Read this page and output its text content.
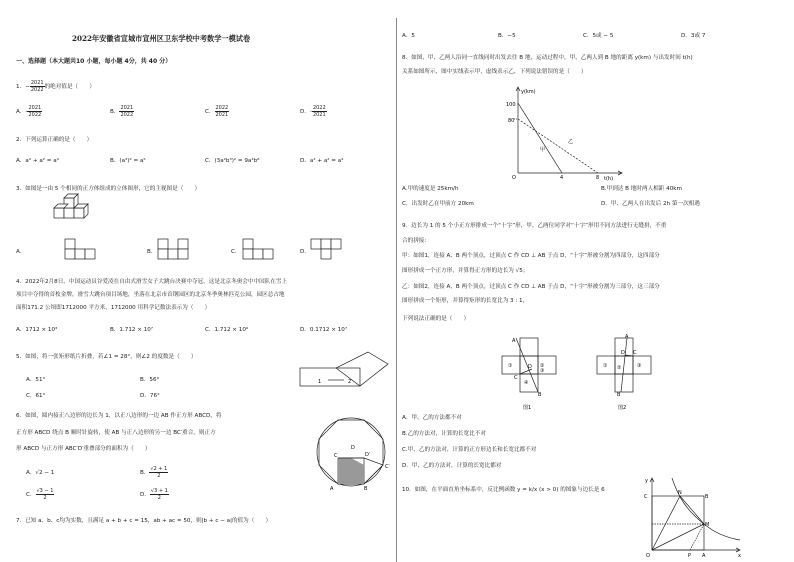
2022年安徽省宣城市宣州区卫东学校中考数学一模试卷
一、选择题（本大题共10 小题，每小题 4分，共 40 分）
1．− $\frac{2021}{2022}$ 的绝对值是（　　）
A．- $\frac{2021}{2022}$	B． $\frac{2021}{2022}$	C． $\frac{2022}{2021}$	D．- $\frac{2022}{2021}$
2．下列运算正确的是（　　）
A．a² + a² = a⁴	B．(a³)² = a⁵	C．(3a²b³)² = 9a⁴b⁶	D．a² + a² = a⁴
3．如图是一由 5 个相同的正方体组成的立体图形，它的主视图是（　　）
A．	B．	C．	D．
4．2022年2月8日，中国运动员谷爱凌在自由式滑雪女子大跳台决赛中夺冠，这是北京冬奥会中中国队在雪上
项目中夺得的首枚金牌，滑雪大跳台项目场地，坐落在北京市首钢园区的北京冬季奥林匹克公园，园区总占地
面积171.2 公顷即1712000 平方米，1712000 用科学记数法表示为（　　）
A．1712 × 10³	B．1.712 × 10⁷	C．1.712 × 10⁶	D．0.1712 × 10⁷
5．如图，将一张矩形纸片折叠，若∠1 = 28°，则∠2 的度数是（　　）
1	2
A．51°	B．56°
C．61°	D．76°
6．如图，圆内接正八边形的边长为 1，以正八边形的一边 AB 作正方形 ABCD，将
正方形 ABCD 绕点 B 顺时针旋转，使 AB 与正八边形的另一边 BC′重合，则正方
形 ABCD 与正方形 ABC′D′重叠部分的面积为（　　）	D
A	B
C
C′
D′
A．√2 − 1	B． $\frac{√2 + 1}{2}$
C． $\frac{√3 - 1}{2}$	D． $\frac{√3 + 1}{2}$
7．已知 a、b、c均为实数，且满足 a + b + c = 15，ab + ac = 50，则|b + c − a|的值为（　　）
A．5	B．−5	C．5或 − 5	D．3或 7
8．如图，甲、乙两人沿同一直线同时出发去往 B 地，运动过程中，甲、乙两人到 B 地的距离 y(km) 与出发时间 t(h)
关系如图所示，图中实线表示甲，虚线表示乙，下列说法错误的是（　　）
y(km)
t(h)
100
80
O	4	8
甲
乙
A.甲的速度是 25km/h	B.甲到达 B 地时两人相距 40km
C．出发时乙在甲前方 20km	D．甲、乙两人在出发后 2h 第一次相遇
9．边长为 1 的 5 个小正方形排成一个“十字”形，甲、乙两位同学对“十字”形用不同方法进行无缝拼，不重
合的拼接：
甲：如图1，连接 A、B 两个顶点，过顶点 C 作 CD ⊥ AB 于点 D，“十字”形被分割为四部分，这四部分
图形拼成一个正方形，并算得正方形的边长为 √5；
乙：如图2，连接 A，B 两个顶点，过顶点 C 作 CD ⊥ AB 于点 D，“十字”形被分割为三部分，这三部分
图形拼成一个矩形，并算得矩形的长宽比为 3 : 1，
下列说法正确的是（　　）
A
B
C
D
①	②
③
④
图1
A
B
C
D
①	③
②
图2
A．甲、乙的方法都不对
B.乙的方法对，计算的长宽比不对
C.甲、乙的方法对，计算的正方形边长和长宽比都不对
D．甲、乙的方法对，计算的长宽比都对
10．如图，在平面直角坐标系中，反比例函数 y = k/x (x > 0) 的图象与边长是 6
C
N
B
M
O	P A	x
y
